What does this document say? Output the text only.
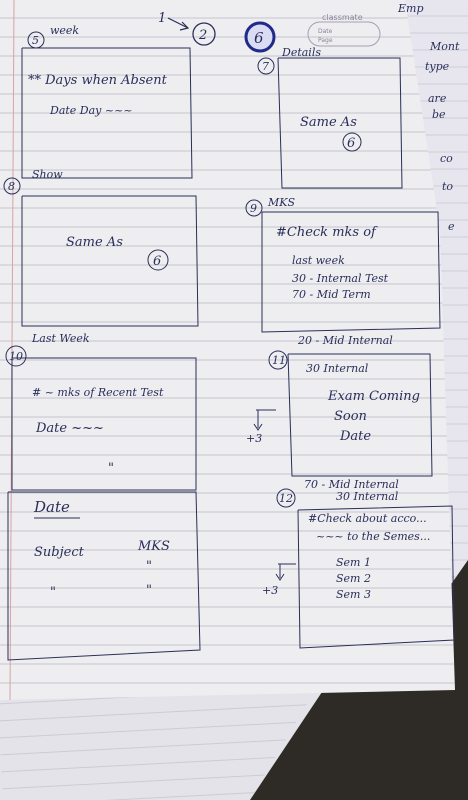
Emp
Mont
type
are
be
co
to
e
1
2	6
classmate
Date
Page
5
week
** Days when Absent
Date Day ~~~
Show
7
Details
Same As
6
8
Same As
6
Last Week
9 MKS
#Check mks of
last week
30 - Internal Test
70 - Mid Term
10
# ~ mks of Recent Test
Date ~~~
+3
11
20 - Mid Internal
30 Internal
Exam Coming
Soon
Date
70 - Mid Internal
Date
Subject	MKS
"
"
"
"
12	30 Internal
#Check about acco...
~~~ to the Semes...
Sem 1
Sem 2
Sem 3
+3
